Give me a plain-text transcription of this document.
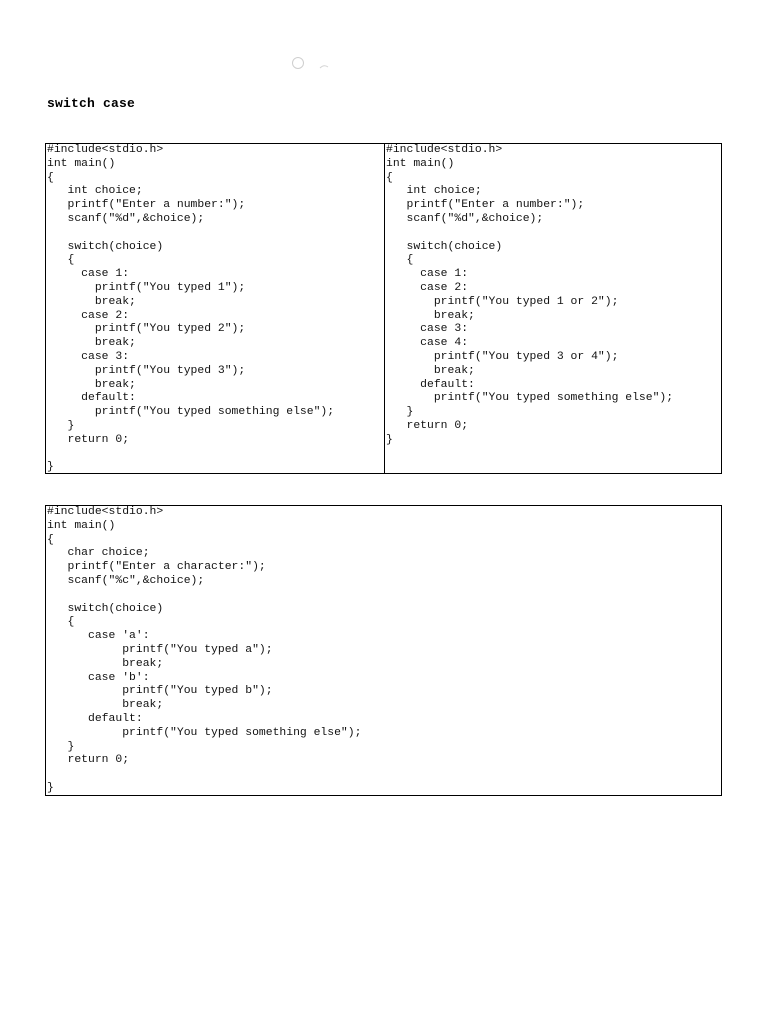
switch case
#include<stdio.h>
int main()
{
int choice;
printf("Enter a number:");
scanf("%d",&choice);

switch(choice)
{
case 1:
printf("You typed 1");
break;
case 2:
printf("You typed 2");
break;
case 3:
printf("You typed 3");
break;
default:
printf("You typed something else");
}
return 0;

}
#include<stdio.h>
int main()
{
int choice;
printf("Enter a number:");
scanf("%d",&choice);

switch(choice)
{
case 1:
case 2:
printf("You typed 1 or 2");
break;
case 3:
case 4:
printf("You typed 3 or 4");
break;
default:
printf("You typed something else");
}
return 0;
}
#include<stdio.h>
int main()
{
char choice;
printf("Enter a character:");
scanf("%c",&choice);

switch(choice)
{
case 'a':
printf("You typed a");
break;
case 'b':
printf("You typed b");
break;
default:
printf("You typed something else");
}
return 0;

}
